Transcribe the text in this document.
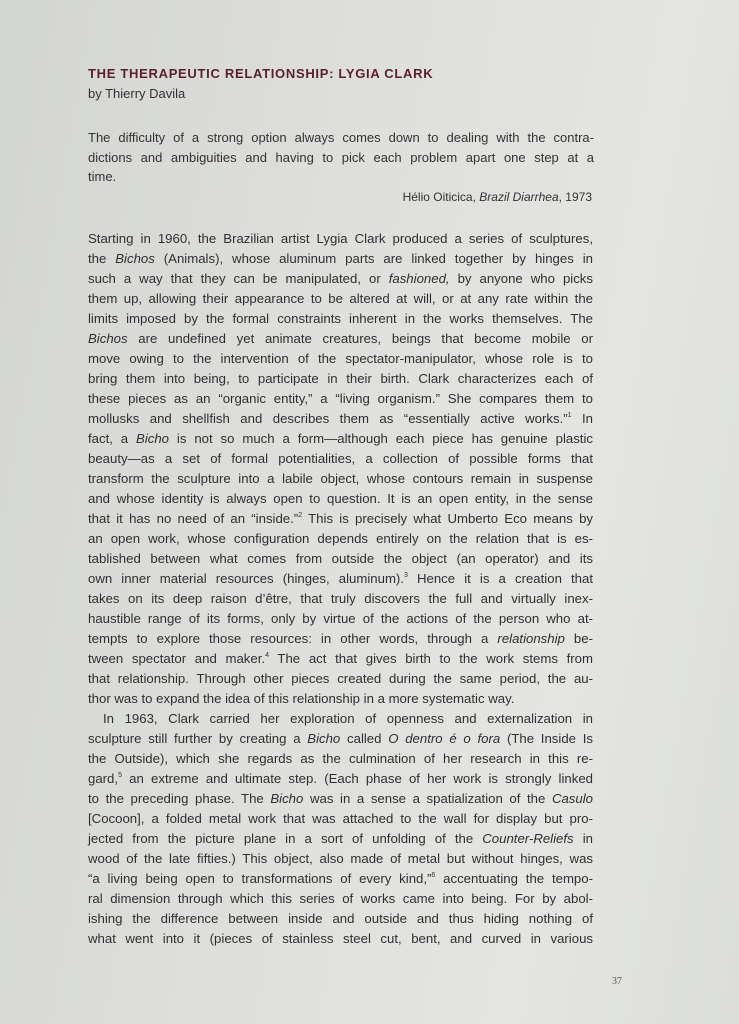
THE THERAPEUTIC RELATIONSHIP: LYGIA CLARK
by Thierry Davila
The difficulty of a strong option always comes down to dealing with the contra-
dictions and ambiguities and having to pick each problem apart one step at a
time.
Hélio Oiticica, Brazil Diarrhea, 1973
Starting in 1960, the Brazilian artist Lygia Clark produced a series of sculptures,
the Bichos (Animals), whose aluminum parts are linked together by hinges in
such a way that they can be manipulated, or fashioned, by anyone who picks
them up, allowing their appearance to be altered at will, or at any rate within the
limits imposed by the formal constraints inherent in the works themselves. The
Bichos are undefined yet animate creatures, beings that become mobile or
move owing to the intervention of the spectator-manipulator, whose role is to
bring them into being, to participate in their birth. Clark characterizes each of
these pieces as an “organic entity,” a “living organism.” She compares them to
mollusks and shellfish and describes them as “essentially active works.”$^1$ In
fact, a Bicho is not so much a form—although each piece has genuine plastic
beauty—as a set of formal potentialities, a collection of possible forms that
transform the sculpture into a labile object, whose contours remain in suspense
and whose identity is always open to question. It is an open entity, in the sense
that it has no need of an “inside.”$^2$ This is precisely what Umberto Eco means by
an open work, whose configuration depends entirely on the relation that is es-
tablished between what comes from outside the object (an operator) and its
own inner material resources (hinges, aluminum).$^3$ Hence it is a creation that
takes on its deep raison d’être, that truly discovers the full and virtually inex-
haustible range of its forms, only by virtue of the actions of the person who at-
tempts to explore those resources: in other words, through a relationship be-
tween spectator and maker.$^4$ The act that gives birth to the work stems from
that relationship. Through other pieces created during the same period, the au-
thor was to expand the idea of this relationship in a more systematic way.
In 1963, Clark carried her exploration of openness and externalization in
sculpture still further by creating a Bicho called O dentro é o fora (The Inside Is
the Outside), which she regards as the culmination of her research in this re-
gard,$^5$ an extreme and ultimate step. (Each phase of her work is strongly linked
to the preceding phase. The Bicho was in a sense a spatialization of the Casulo
[Cocoon], a folded metal work that was attached to the wall for display but pro-
jected from the picture plane in a sort of unfolding of the Counter-Reliefs in
wood of the late fifties.) This object, also made of metal but without hinges, was
“a living being open to transformations of every kind,”$^6$ accentuating the tempo-
ral dimension through which this series of works came into being. For by abol-
ishing the difference between inside and outside and thus hiding nothing of
what went into it (pieces of stainless steel cut, bent, and curved in various
37
